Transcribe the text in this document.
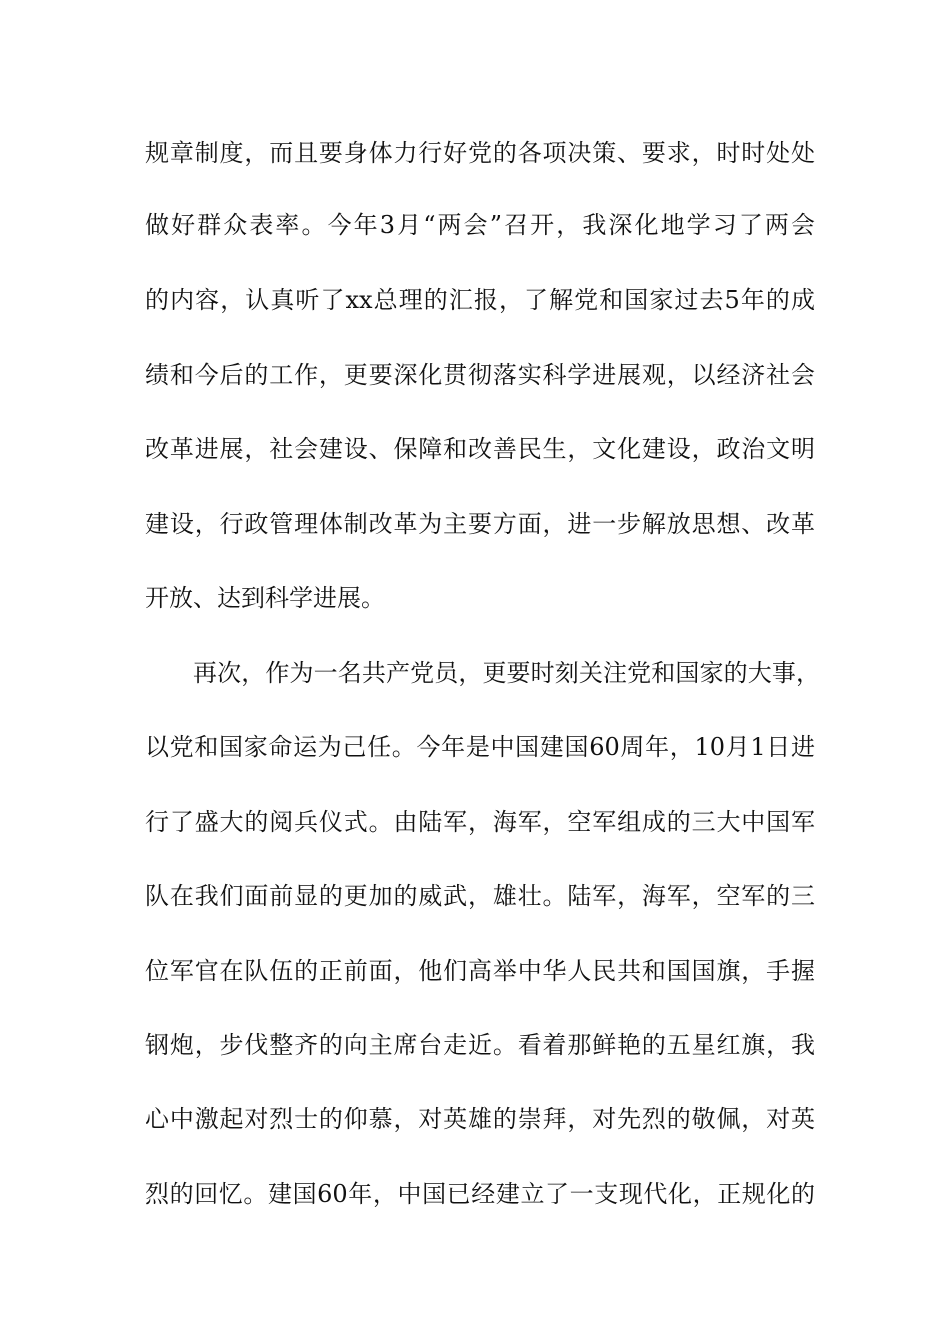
规章制度，而且要身体力行好党的各项决策、要求，时时处处
做好群众表率。今年3月“两会”召开，我深化地学习了两会
的内容，认真听了xx总理的汇报，了解党和国家过去5年的成
绩和今后的工作，更要深化贯彻落实科学进展观，以经济社会
改革进展，社会建设、保障和改善民生，文化建设，政治文明
建设，行政管理体制改革为主要方面，进一步解放思想、改革
开放、达到科学进展。
再次，作为一名共产党员，更要时刻关注党和国家的大事，
以党和国家命运为己任。今年是中国建国60周年，10月1日进
行了盛大的阅兵仪式。由陆军，海军，空军组成的三大中国军
队在我们面前显的更加的威武，雄壮。陆军，海军，空军的三
位军官在队伍的正前面，他们高举中华人民共和国国旗，手握
钢炮，步伐整齐的向主席台走近。看着那鲜艳的五星红旗，我
心中激起对烈士的仰慕，对英雄的崇拜，对先烈的敬佩，对英
烈的回忆。建国60年，中国已经建立了一支现代化，正规化的
